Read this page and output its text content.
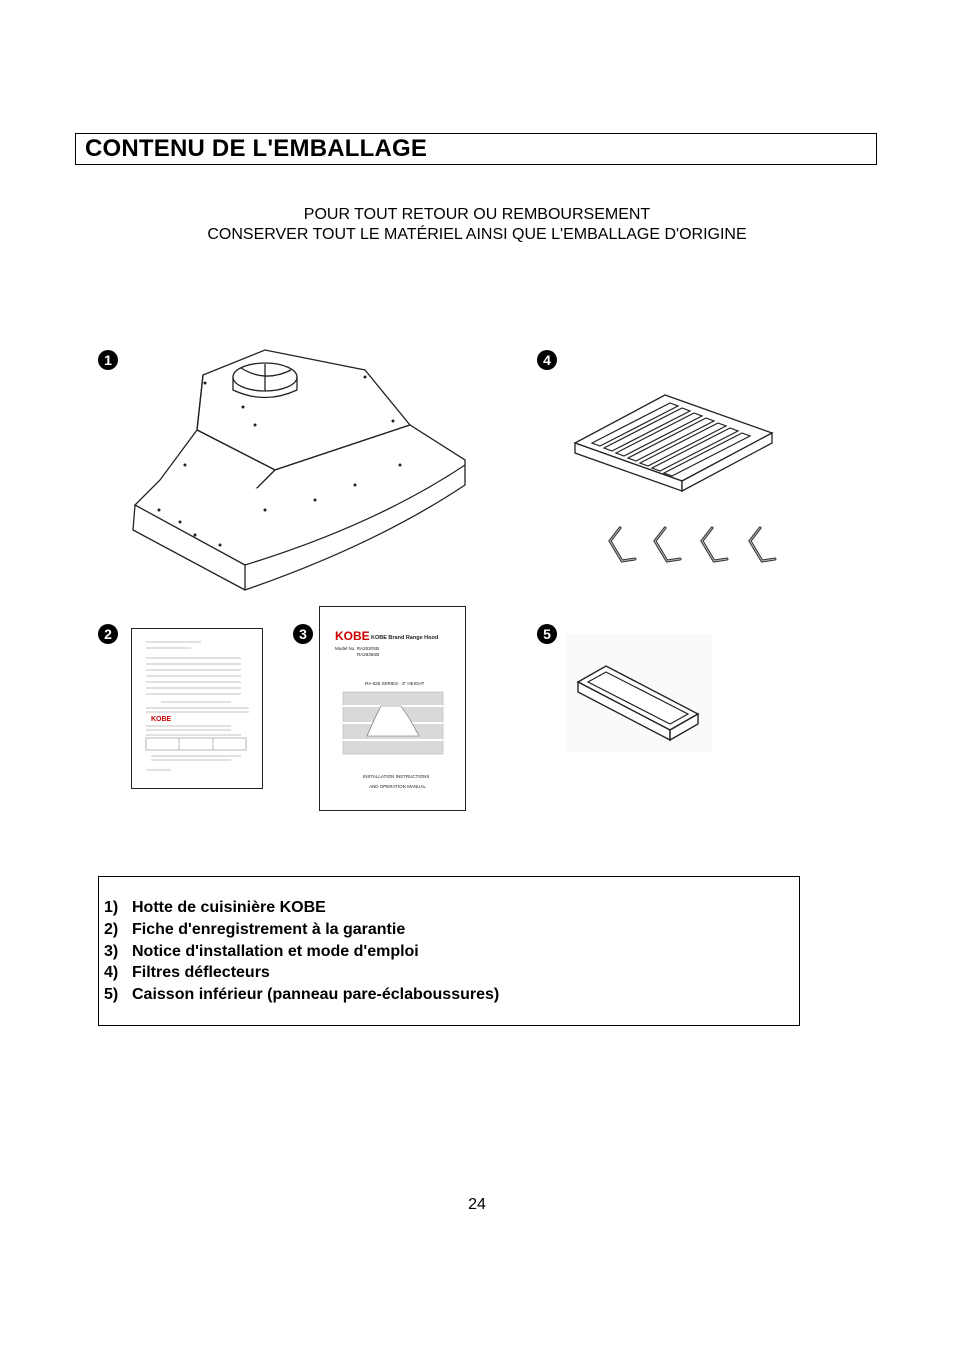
CONTENU DE L'EMBALLAGE
POUR TOUT RETOUR OU REMBOURSEMENT
CONSERVER TOUT LE MATÉRIEL AINSI QUE L'EMBALLAGE D'ORIGINE
1
2	3
4
5
KOBE
KOBE KOBE Brand Range Hood
Model No. RA2830SB
RA2836SB
RA-028 SERIES - 3" HEIGHT
INSTALLATION INSTRUCTIONS
AND OPERATION MANUAL
1) Hotte de cuisinière KOBE
2) Fiche d'enregistrement à la garantie
3) Notice d'installation et mode d'emploi
4) Filtres déflecteurs
5) Caisson inférieur (panneau pare-éclaboussures)
24
